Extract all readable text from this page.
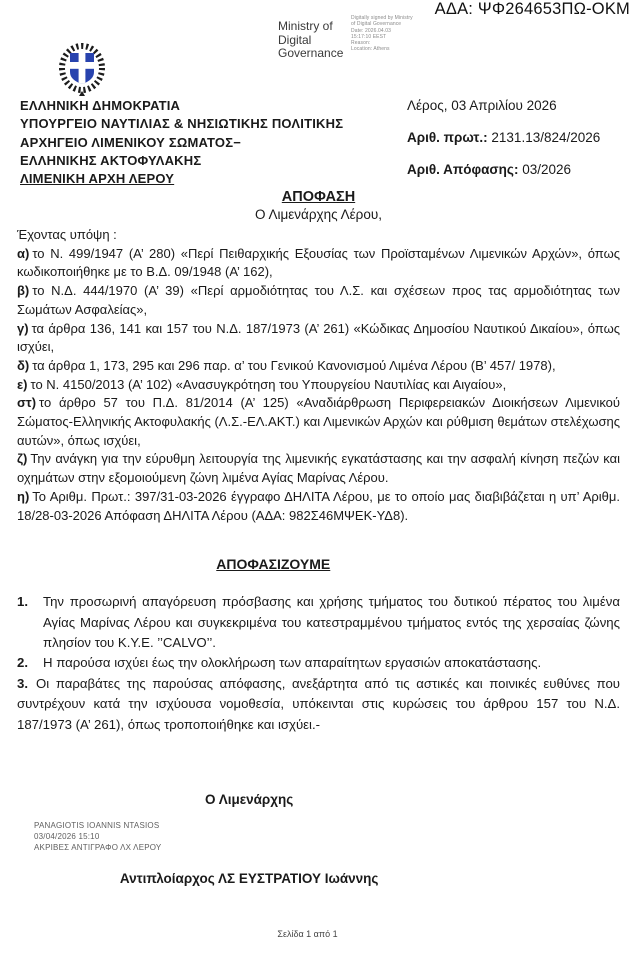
ΑΔΑ: ΨΦ264653ΠΩ-ΟΚΜ
Ministry of
Digital
Governance
Digitally signed by Ministry
of Digital Governance
Date: 2026.04.03
15:17:10 EEST
Reason:
Location: Athens
ΕΛΛΗΝΙΚΗ ΔΗΜΟΚΡΑΤΙΑ
ΥΠΟΥΡΓΕΙΟ ΝΑΥΤΙΛΙΑΣ & ΝΗΣΙΩΤΙΚΗΣ ΠΟΛΙΤΙΚΗΣ
ΑΡΧΗΓΕΙΟ ΛΙΜΕΝΙΚΟΥ ΣΩΜΑΤΟΣ−
ΕΛΛΗΝΙΚΗΣ ΑΚΤΟΦΥΛΑΚΗΣ
ΛΙΜΕΝΙΚΗ ΑΡΧΗ ΛΕΡΟΥ
Λέρος, 03 Απριλίου 2026
Αριθ. πρωτ.: 2131.13/824/2026
Αριθ. Απόφασης: 03/2026

ΑΠΟΦΑΣΗ

Ο Λιμενάρχης Λέρου,

Έχοντας υπόψη :

α) το Ν. 499/1947 (Α’ 280) «Περί Πειθαρχικής Εξουσίας των Προϊσταμένων Λιμενικών Αρχών», όπως κωδικοποιήθηκε με το Β.Δ. 09/1948 (Α’ 162),

β) το Ν.Δ. 444/1970 (Α’ 39) «Περί αρμοδιότητας του Λ.Σ. και σχέσεων προς τας αρμοδιότητας των Σωμάτων Ασφαλείας»,

γ) τα άρθρα 136, 141 και 157 του Ν.Δ. 187/1973 (Α’ 261) «Κώδικας Δημοσίου Ναυτικού Δικαίου», όπως ισχύει,

δ) τα άρθρα 1, 173, 295 και 296 παρ. α’ του Γενικού Κανονισμού Λιμένα Λέρου (Β’ 457/ 1978),

ε) το Ν. 4150/2013 (Α’ 102) «Ανασυγκρότηση του Υπουργείου Ναυτιλίας και Αιγαίου»,

στ) το άρθρο 57 του Π.Δ. 81/2014 (Α’ 125) «Αναδιάρθρωση Περιφερειακών Διοικήσεων Λιμενικού Σώματος-Ελληνικής Ακτοφυλακής (Λ.Σ.-ΕΛ.ΑΚΤ.) και Λιμενικών Αρχών και ρύθμιση θεμάτων στελέχωσης αυτών», όπως ισχύει,

ζ) Την ανάγκη για την εύρυθμη λειτουργία της λιμενικής εγκατάστασης και την ασφαλή κίνηση πεζών και οχημάτων στην εξομοιούμενη ζώνη λιμένα Αγίας Μαρίνας Λέρου.

η) Το Αριθμ. Πρωτ.: 397/31-03-2026 έγγραφο ΔΗΛΙΤΑ Λέρου, με το οποίο μας διαβιβάζεται η υπ’ Αριθμ. 18/28-03-2026 Απόφαση ΔΗΛΙΤΑ Λέρου (ΑΔΑ: 982Σ46ΜΨΕΚ-ΥΔ8).

ΑΠΟΦΑΣΙΖΟΥΜΕ

1.	Την προσωρινή απαγόρευση πρόσβασης και χρήσης τμήματος του δυτικού πέρατος του λιμένα Αγίας Μαρίνας Λέρου και συγκεκριμένα του κατεστραμμένου τμήματος εντός της χερσαίας ζώνης πλησίον του Κ.Υ.Ε. ’’CALVO’’.
2.	Η παρούσα ισχύει έως την ολοκλήρωση των απαραίτητων εργασιών αποκατάστασης.

3. Οι παραβάτες της παρούσας απόφασης, ανεξάρτητα από τις αστικές και ποινικές ευθύνες που συντρέχουν κατά την ισχύουσα νομοθεσία, υπόκεινται στις κυρώσεις του άρθρου 157 του Ν.Δ. 187/1973 (Α’ 261), όπως τροποποιήθηκε και ισχύει.-

Ο Λιμενάρχης

PANAGIOTIS IOANNIS NTASIOS
03/04/2026 15:10
ΑΚΡΙΒΕΣ ΑΝΤΙΓΡΑΦΟ ΛΧ ΛΕΡΟΥ

Αντιπλοίαρχος ΛΣ ΕΥΣΤΡΑΤΙΟΥ Ιωάννης

Σελίδα 1 από 1
